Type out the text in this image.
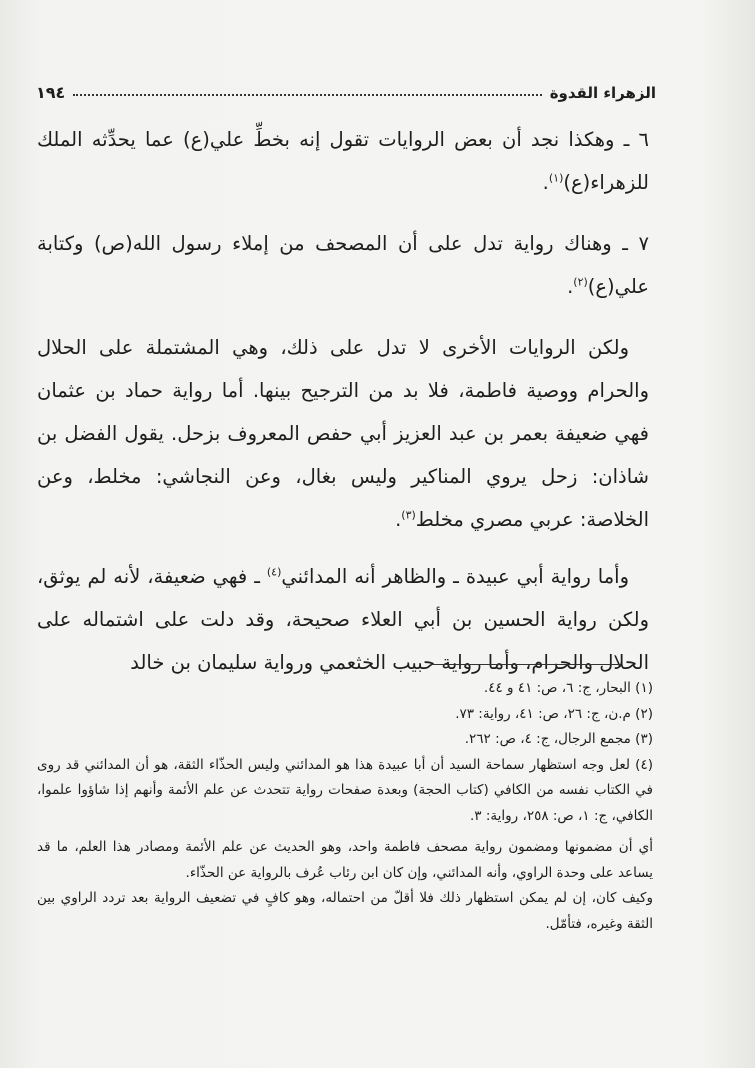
الزهراء القدوة
١٩٤

٦ ـ وهكذا نجد أن بعض الروايات تقول إنه بخطِّ علي(ع) عما يحدِّثه الملك للزهراء(ع)$^{(١)}$.

٧ ـ وهناك رواية تدل على أن المصحف من إملاء رسول الله(ص) وكتابة علي(ع)$^{(٢)}$.

ولكن الروايات الأخرى لا تدل على ذلك، وهي المشتملة على الحلال والحرام ووصية فاطمة، فلا بد من الترجيح بينها. أما رواية حماد بن عثمان فهي ضعيفة بعمر بن عبد العزيز أبي حفص المعروف بزحل. يقول الفضل بن شاذان: زحل يروي المناكير وليس بغال، وعن النجاشي: مخلط، وعن الخلاصة: عربي مصري مخلط$^{(٣)}$.

وأما رواية أبي عبيدة ـ والظاهر أنه المدائني$^{(٤)}$ ـ فهي ضعيفة، لأنه لم يوثق، ولكن رواية الحسين بن أبي العلاء صحيحة، وقد دلت على اشتماله على الحلال والحرام، وأما رواية حبيب الخثعمي ورواية سليمان بن خالد

(١) البحار، ج: ٦، ص: ٤١ و ٤٤.

(٢) م.ن، ج: ٢٦، ص: ٤١، رواية: ٧٣.

(٣) مجمع الرجال، ج: ٤، ص: ٢٦٢.

(٤) لعل وجه استظهار سماحة السيد أن أبا عبيدة هذا هو المدائني وليس الحذّاء الثقة، هو أن المدائني قد روى في الكتاب نفسه من الكافي (كتاب الحجة) وبعدة صفحات رواية تتحدث عن علم الأئمة وأنهم إذا شاؤوا علموا، الكافي، ج: ١، ص: ٢٥٨، رواية: ٣.

أي أن مضمونها ومضمون رواية مصحف فاطمة واحد، وهو الحديث عن علم الأئمة ومصادر هذا العلم، ما قد يساعد على وحدة الراوي، وأنه المدائني، وإن كان ابن رئاب عُرف بالرواية عن الحذّاء.

وكيف كان، إن لم يمكن استظهار ذلك فلا أقلّ من احتماله، وهو كافٍ في تضعيف الرواية بعد تردد الراوي بين الثقة وغيره، فتأمّل.
